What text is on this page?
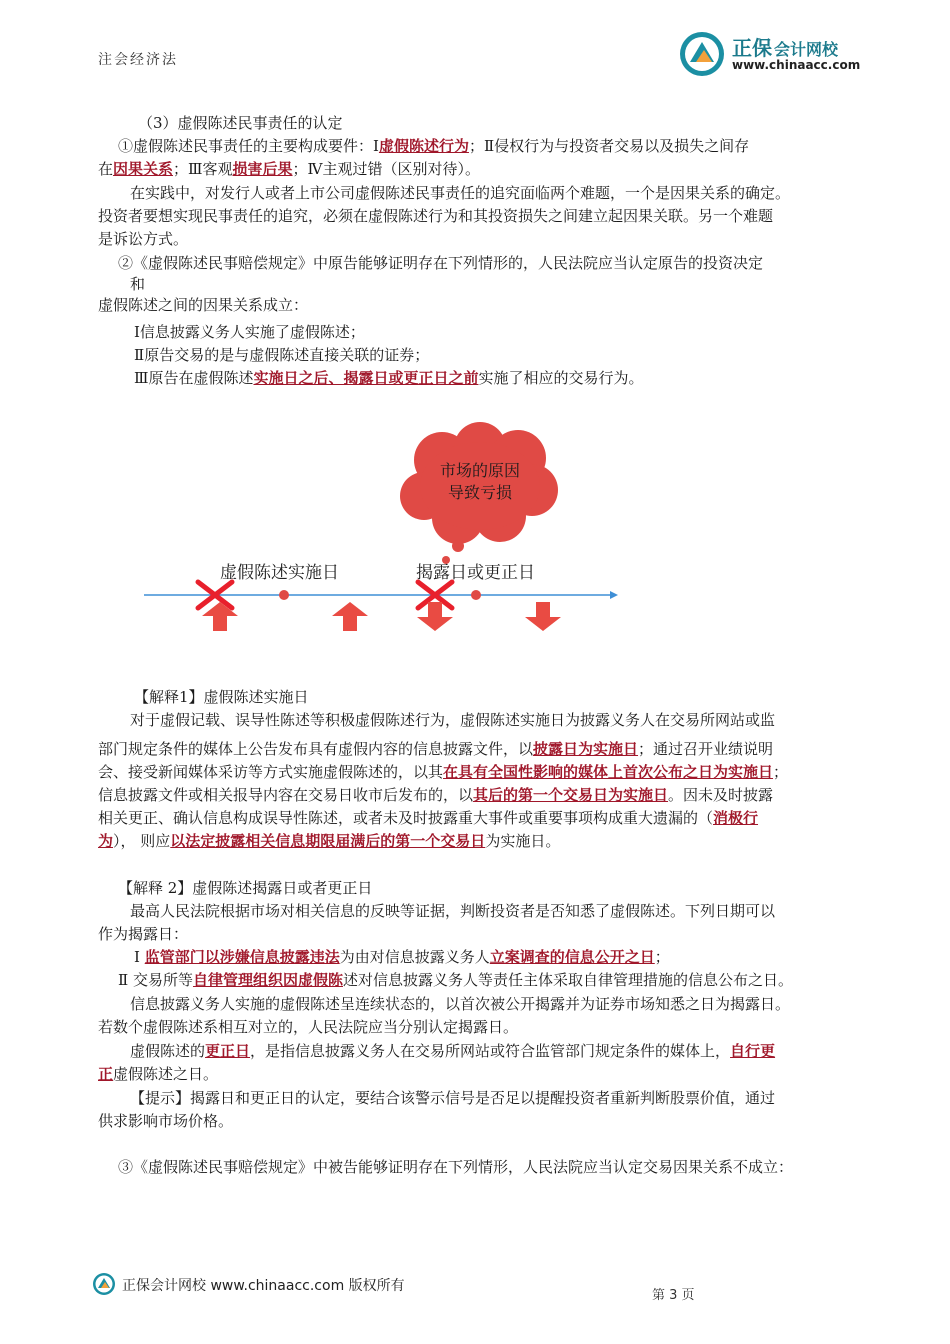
注会经济法	正保 会计网校
www.chinaacc.com
（3）虚假陈述民事责任的认定
①虚假陈述民事责任的主要构成要件：Ⅰ虚假陈述行为；Ⅱ侵权行为与投资者交易以及损失之间存
在因果关系；Ⅲ客观损害后果；Ⅳ主观过错（区别对待）。
在实践中，对发行人或者上市公司虚假陈述民事责任的追究面临两个难题，一个是因果关系的确定。
投资者要想实现民事责任的追究，必须在虚假陈述行为和其投资损失之间建立起因果关联。另一个难题
是诉讼方式。
②《虚假陈述民事赔偿规定》中原告能够证明存在下列情形的，人民法院应当认定原告的投资决定
和
虚假陈述之间的因果关系成立：
Ⅰ信息披露义务人实施了虚假陈述；
Ⅱ原告交易的是与虚假陈述直接关联的证券；
Ⅲ原告在虚假陈述实施日之后、揭露日或更正日之前实施了相应的交易行为。
市场的原因
导致亏损
虚假陈述实施日	揭露日或更正日
【解释1】虚假陈述实施日
对于虚假记载、误导性陈述等积极虚假陈述行为，虚假陈述实施日为披露义务人在交易所网站或监
部门规定条件的媒体上公告发布具有虚假内容的信息披露文件，以披露日为实施日；通过召开业绩说明
会、接受新闻媒体采访等方式实施虚假陈述的，以其在具有全国性影响的媒体上首次公布之日为实施日；
信息披露文件或相关报导内容在交易日收市后发布的，以其后的第一个交易日为实施日。因未及时披露
相关更正、确认信息构成误导性陈述，或者未及时披露重大事件或重要事项构成重大遗漏的（消极行
为）， 则应以法定披露相关信息期限届满后的第一个交易日为实施日。
【解释 2】虚假陈述揭露日或者更正日
最高人民法院根据市场对相关信息的反映等证据，判断投资者是否知悉了虚假陈述。下列日期可以
作为揭露日：
Ⅰ 监管部门以涉嫌信息披露违法为由对信息披露义务人立案调查的信息公开之日；
Ⅱ 交易所等自律管理组织因虚假陈述对信息披露义务人等责任主体采取自律管理措施的信息公布之日。
信息披露义务人实施的虚假陈述呈连续状态的，以首次被公开揭露并为证券市场知悉之日为揭露日。
若数个虚假陈述系相互对立的，人民法院应当分别认定揭露日。
虚假陈述的更正日，是指信息披露义务人在交易所网站或符合监管部门规定条件的媒体上，自行更
正虚假陈述之日。
【提示】揭露日和更正日的认定，要结合该警示信号是否足以提醒投资者重新判断股票价值，通过
供求影响市场价格。
③《虚假陈述民事赔偿规定》中被告能够证明存在下列情形，人民法院应当认定交易因果关系不成立：
正保会计网校 www.chinaacc.com 版权所有
第 3 页
